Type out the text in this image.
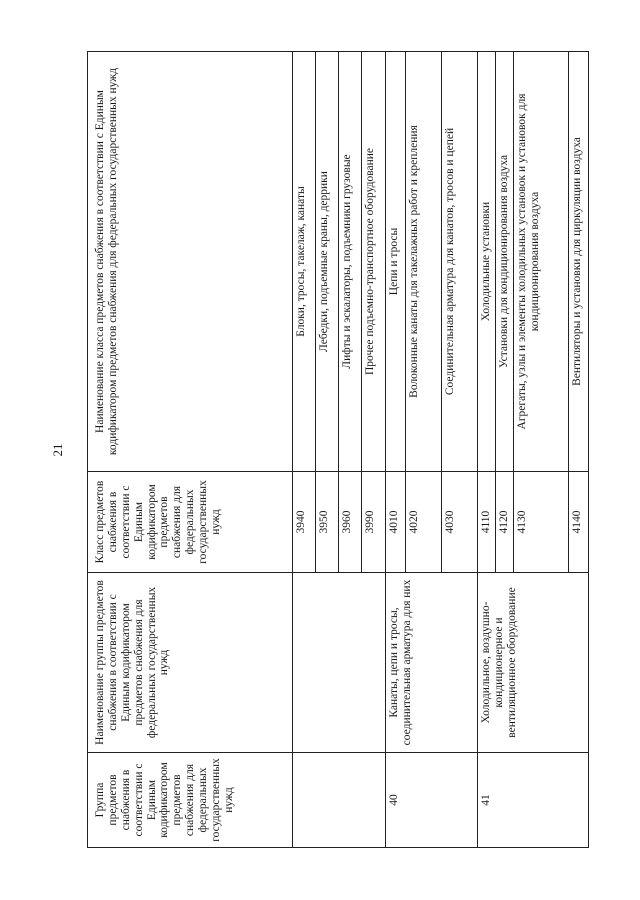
21
Группа предметов снабжения в соответствии с Единым кодификатором предметов снабжения для федеральных государственных нужд	Наименование группы предметов снабжения в соответствии с Единым кодификатором предметов снабжения для федеральных государственных нужд	Класс предметов снабжения в соответствии с Единым кодификатором предметов снабжения для федеральных государственных нужд	Наименование класса предметов снабжения в соответствии с Единым кодификатором предметов снабжения для федеральных государственных нужд
		3940	Блоки, тросы, такелаж, канаты
		3950	Лебедки, подъемные краны, деррики
		3960	Лифты и эскалаторы, подъемники грузовые
		3990	Прочее подъемно-транспортное оборудование
40	Канаты, цепи и тросы, соединительная арматура для них	4010	Цепи и тросы
		4020	Волоконные канаты для такелажных работ и крепления
		4030	Соединительная арматура для канатов, тросов и цепей
41	Холодильное, воздушно-кондиционерное и вентиляционное оборудование	4110	Холодильные установки
		4120	Установки для кондиционирования воздуха
		4130	Агрегаты, узлы и элементы холодильных установок и установок для кондиционирования воздуха
		4140	Вентиляторы и установки для циркуляции воздуха
